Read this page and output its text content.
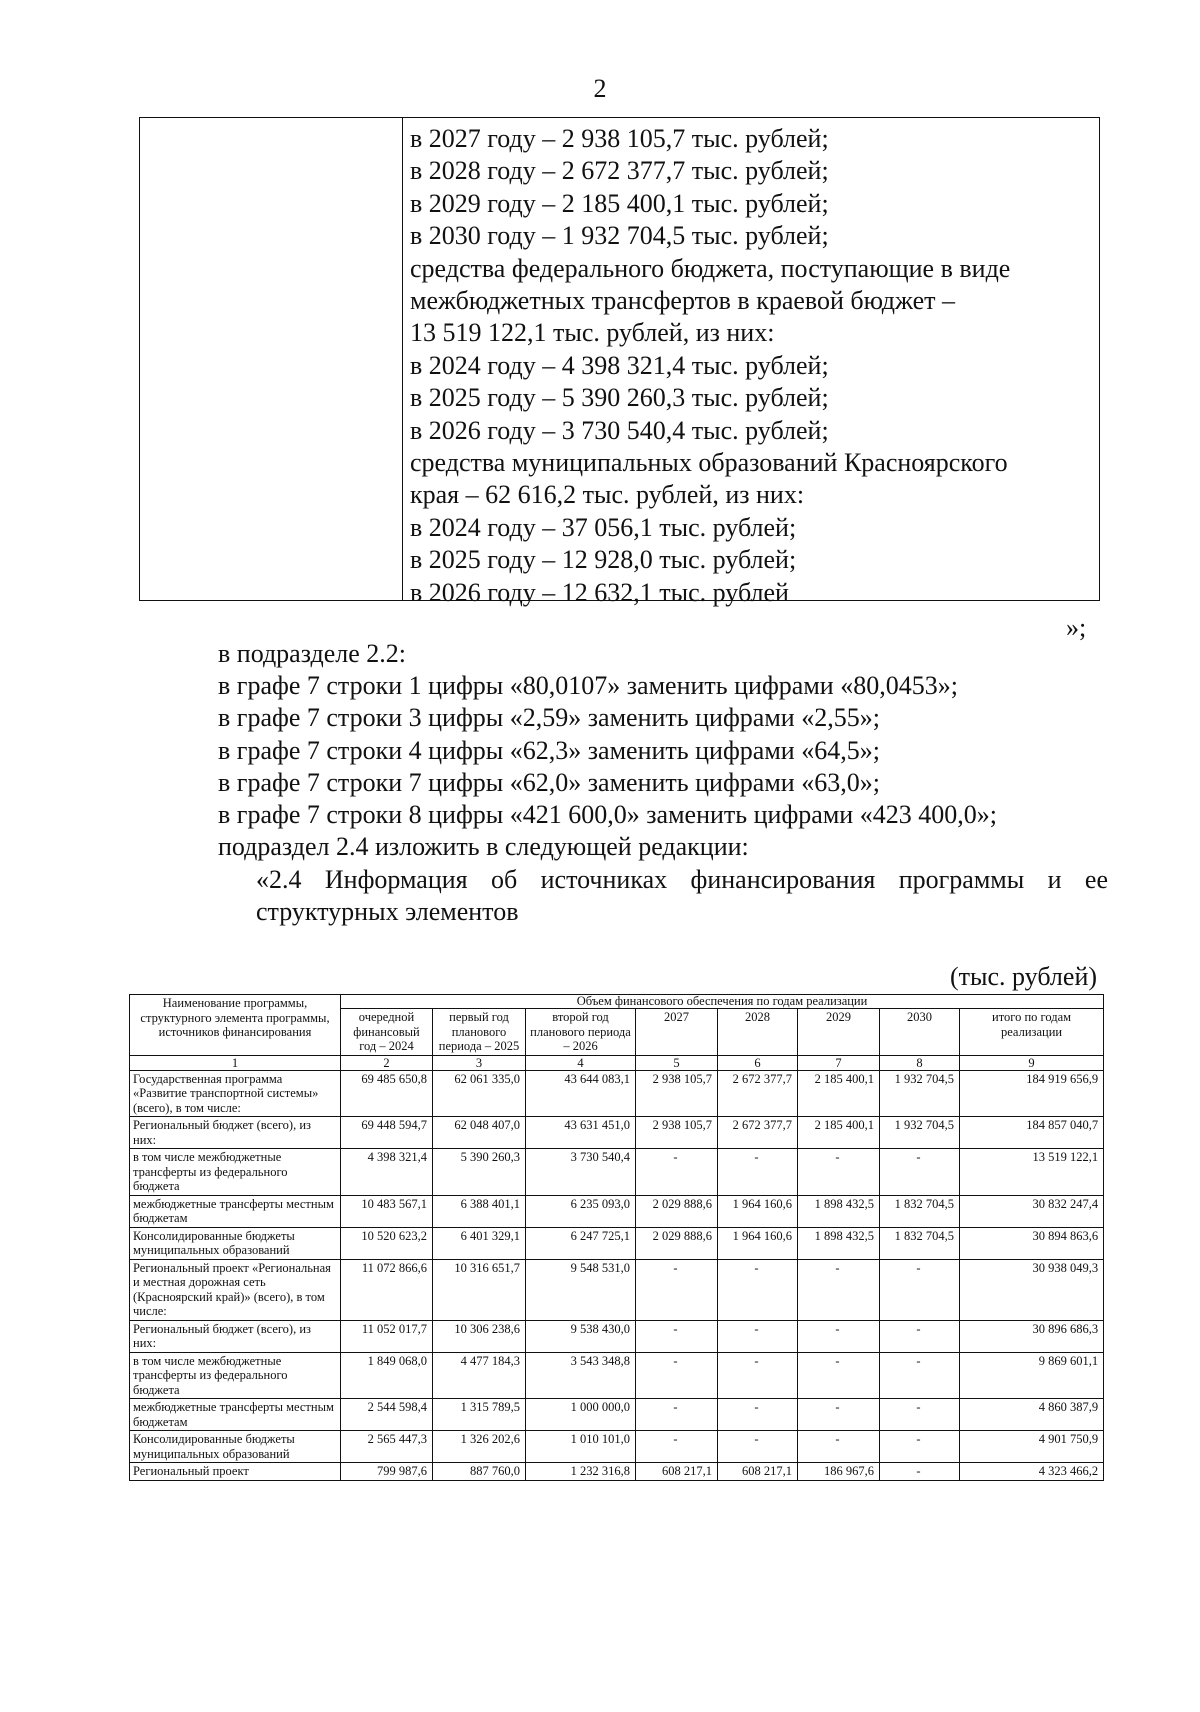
2
в 2027 году – 2 938 105,7 тыс. рублей;
в 2028 году – 2 672 377,7 тыс. рублей;
в 2029 году – 2 185 400,1 тыс. рублей;
в 2030 году – 1 932 704,5 тыс. рублей;
средства федерального бюджета, поступающие в виде
межбюджетных трансфертов в краевой бюджет –
13 519 122,1 тыс. рублей, из них:
в 2024 году – 4 398 321,4 тыс. рублей;
в 2025 году – 5 390 260,3 тыс. рублей;
в 2026 году – 3 730 540,4 тыс. рублей;
средства муниципальных образований Красноярского
края – 62 616,2 тыс. рублей, из них:
в 2024 году – 37 056,1 тыс. рублей;
в 2025 году – 12 928,0 тыс. рублей;
в 2026 году – 12 632,1 тыс. рублей
»;
в подразделе 2.2:
в графе 7 строки 1 цифры «80,0107» заменить цифрами «80,0453»;
в графе 7 строки 3 цифры «2,59» заменить цифрами «2,55»;
в графе 7 строки 4 цифры «62,3» заменить цифрами «64,5»;
в графе 7 строки 7 цифры «62,0» заменить цифрами «63,0»;
в графе 7 строки 8 цифры «421 600,0» заменить цифрами «423 400,0»;
подраздел 2.4 изложить в следующей редакции:
«2.4 Информация об источниках финансирования программы и ее
структурных элементов
(тыс. рублей)
Наименование программы, структурного элемента программы, источников финансирования	Объем финансового обеспечения по годам реализации							
	очередной финансовый год – 2024	первый год планового периода – 2025	второй год планового периода – 2026	2027	2028	2029	2030	итого по годам реализации
1	2	3	4	5	6	7	8	9
Государственная программа «Развитие транспортной системы» (всего), в том числе:	69 485 650,8	62 061 335,0	43 644 083,1	2 938 105,7	2 672 377,7	2 185 400,1	1 932 704,5	184 919 656,9
Региональный бюджет (всего), из них:	69 448 594,7	62 048 407,0	43 631 451,0	2 938 105,7	2 672 377,7	2 185 400,1	1 932 704,5	184 857 040,7
в том числе межбюджетные трансферты из федерального бюджета	4 398 321,4	5 390 260,3	3 730 540,4	-	-	-	-	13 519 122,1
межбюджетные трансферты местным бюджетам	10 483 567,1	6 388 401,1	6 235 093,0	2 029 888,6	1 964 160,6	1 898 432,5	1 832 704,5	30 832 247,4
Консолидированные бюджеты муниципальных образований	10 520 623,2	6 401 329,1	6 247 725,1	2 029 888,6	1 964 160,6	1 898 432,5	1 832 704,5	30 894 863,6
Региональный проект «Региональная и местная дорожная сеть (Красноярский край)» (всего), в том числе:	11 072 866,6	10 316 651,7	9 548 531,0	-	-	-	-	30 938 049,3
Региональный бюджет (всего), из них:	11 052 017,7	10 306 238,6	9 538 430,0	-	-	-	-	30 896 686,3
в том числе межбюджетные трансферты из федерального бюджета	1 849 068,0	4 477 184,3	3 543 348,8	-	-	-	-	9 869 601,1
межбюджетные трансферты местным бюджетам	2 544 598,4	1 315 789,5	1 000 000,0	-	-	-	-	4 860 387,9
Консолидированные бюджеты муниципальных образований	2 565 447,3	1 326 202,6	1 010 101,0	-	-	-	-	4 901 750,9
Региональный проект	799 987,6	887 760,0	1 232 316,8	608 217,1	608 217,1	186 967,6	-	4 323 466,2
